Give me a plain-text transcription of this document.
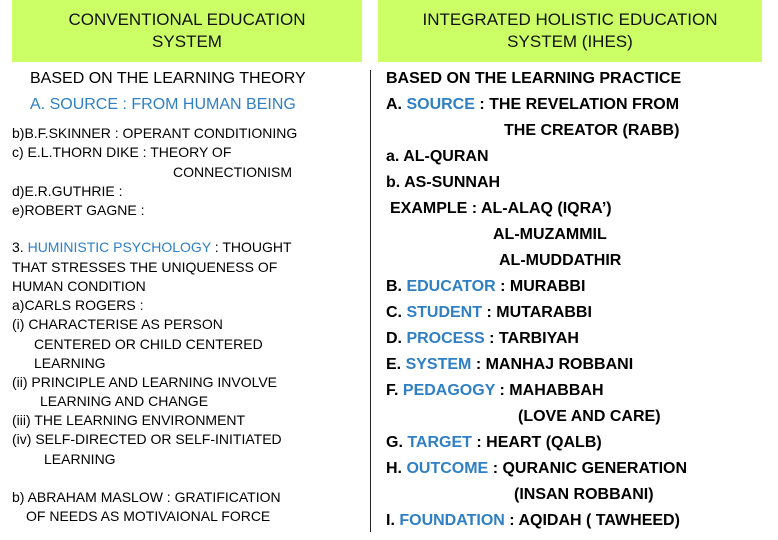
CONVENTIONAL EDUCATION
SYSTEM
INTEGRATED HOLISTIC EDUCATION
SYSTEM (IHES)
BASED ON THE LEARNING THEORY
A. SOURCE : FROM HUMAN BEING
b)B.F.SKINNER : OPERANT CONDITIONING
c) E.L.THORN DIKE : THEORY OF
CONNECTIONISM
d)E.R.GUTHRIE :
e)ROBERT GAGNE :
3. HUMINISTIC PSYCHOLOGY : THOUGHT
THAT STRESSES THE UNIQUENESS OF
HUMAN CONDITION
a)CARLS ROGERS :
(i) CHARACTERISE AS PERSON
CENTERED OR CHILD CENTERED
LEARNING
(ii) PRINCIPLE AND LEARNING INVOLVE
LEARNING AND CHANGE
(iii) THE LEARNING ENVIRONMENT
(iv) SELF-DIRECTED OR SELF-INITIATED
LEARNING
b) ABRAHAM MASLOW : GRATIFICATION
OF NEEDS AS MOTIVAIONAL FORCE
BASED ON THE LEARNING PRACTICE
A. SOURCE : THE REVELATION FROM
THE CREATOR (RABB)
a. AL-QURAN
b. AS-SUNNAH
EXAMPLE : AL-ALAQ (IQRA’)
AL-MUZAMMIL
AL-MUDDATHIR
B. EDUCATOR : MURABBI
C. STUDENT : MUTARABBI
D. PROCESS : TARBIYAH
E. SYSTEM : MANHAJ ROBBANI
F. PEDAGOGY : MAHABBAH
(LOVE AND CARE)
G. TARGET : HEART (QALB)
H. OUTCOME : QURANIC GENERATION
(INSAN ROBBANI)
I. FOUNDATION : AQIDAH ( TAWHEED)
